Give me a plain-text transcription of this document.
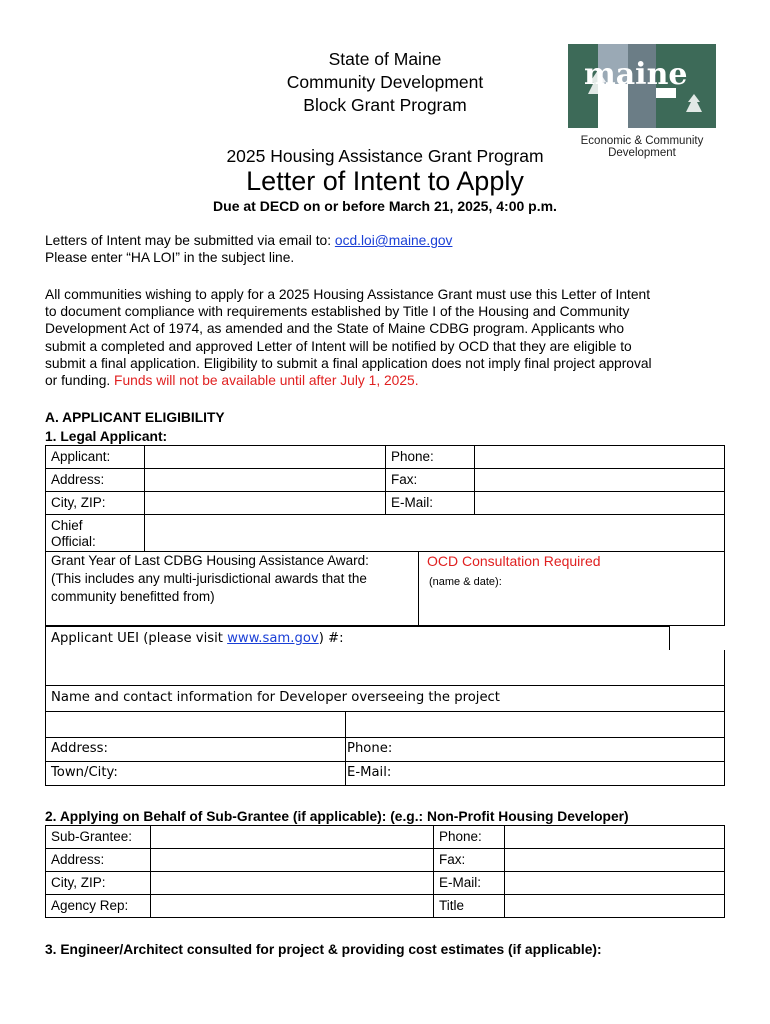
State of Maine
Community Development
Block Grant Program
2025 Housing Assistance Grant Program
Letter of Intent to Apply
Due at DECD on or before March 21, 2025, 4:00 p.m.
maine
Economic & Community
Development
Letters of Intent may be submitted via email to: ocd.loi@maine.gov
Please enter “HA LOI” in the subject line.
All communities wishing to apply for a 2025 Housing Assistance Grant must use this Letter of Intent
to document compliance with requirements established by Title I of the Housing and Community
Development Act of 1974, as amended and the State of Maine CDBG program. Applicants who
submit a completed and approved Letter of Intent will be notified by OCD that they are eligible to
submit a final application. Eligibility to submit a final application does not imply final project approval
or funding. Funds will not be available until after July 1, 2025.
A. APPLICANT ELIGIBILITY
1. Legal Applicant:
Applicant:	Phone:
Address:	Fax:
City, ZIP:	E-Mail:
Chief
Official:
Grant Year of Last CDBG Housing Assistance Award:
(This includes any multi-jurisdictional awards that the
community benefitted from)
OCD Consultation Required
(name & date):
Applicant UEI (please visit www.sam.gov) #:
Name and contact information for Developer overseeing the project
Address:	Phone:
Town/City:	E-Mail:
2. Applying on Behalf of Sub-Grantee (if applicable): (e.g.: Non-Profit Housing Developer)
Sub-Grantee:	Phone:
Address:	Fax:
City, ZIP:	E-Mail:
Agency Rep:	Title
3. Engineer/Architect consulted for project & providing cost estimates (if applicable):
